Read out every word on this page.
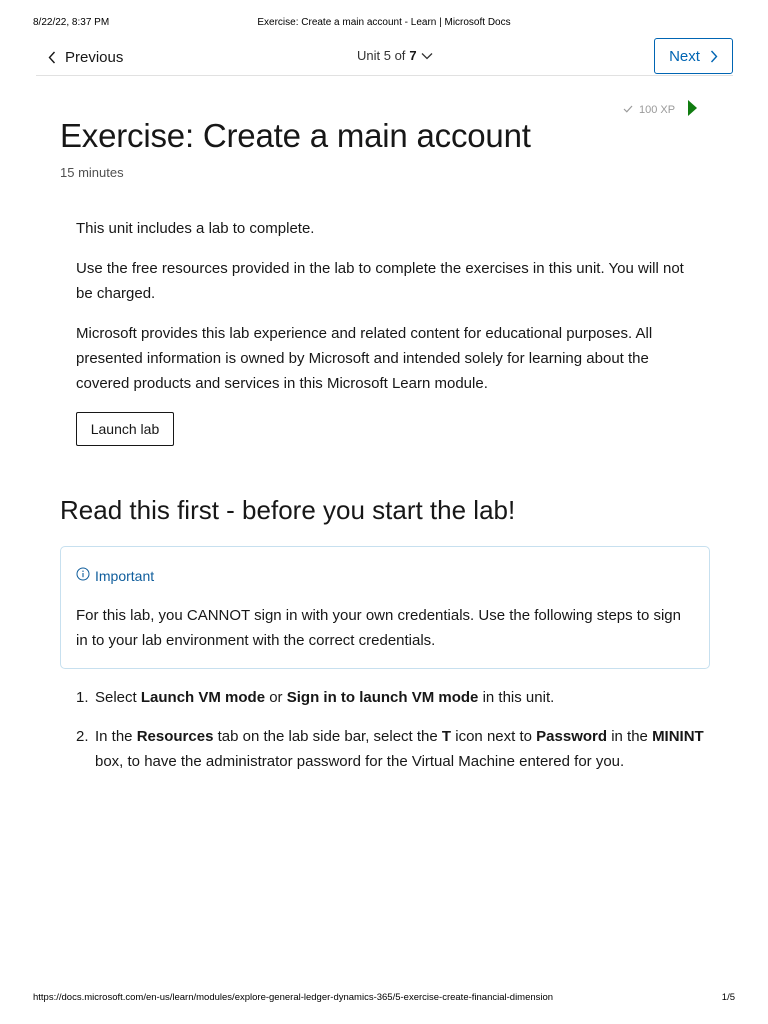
8/22/22, 8:37 PM	Exercise: Create a main account - Learn | Microsoft Docs
Previous	Unit 5 of 7	Next
100 XP
Exercise: Create a main account
15 minutes

This unit includes a lab to complete.

Use the free resources provided in the lab to complete the exercises in this unit. You will not be charged.

Microsoft provides this lab experience and related content for educational purposes. All presented information is owned by Microsoft and intended solely for learning about the covered products and services in this Microsoft Learn module.

Launch lab
Read this first - before you start the lab!
Important

For this lab, you CANNOT sign in with your own credentials. Use the following steps to sign in to your lab environment with the correct credentials.

1. Select Launch VM mode or Sign in to launch VM mode in this unit.
2. In the Resources tab on the lab side bar, select the T icon next to Password in the MININT box, to have the administrator password for the Virtual Machine entered for you.
https://docs.microsoft.com/en-us/learn/modules/explore-general-ledger-dynamics-365/5-exercise-create-financial-dimension	1/5
